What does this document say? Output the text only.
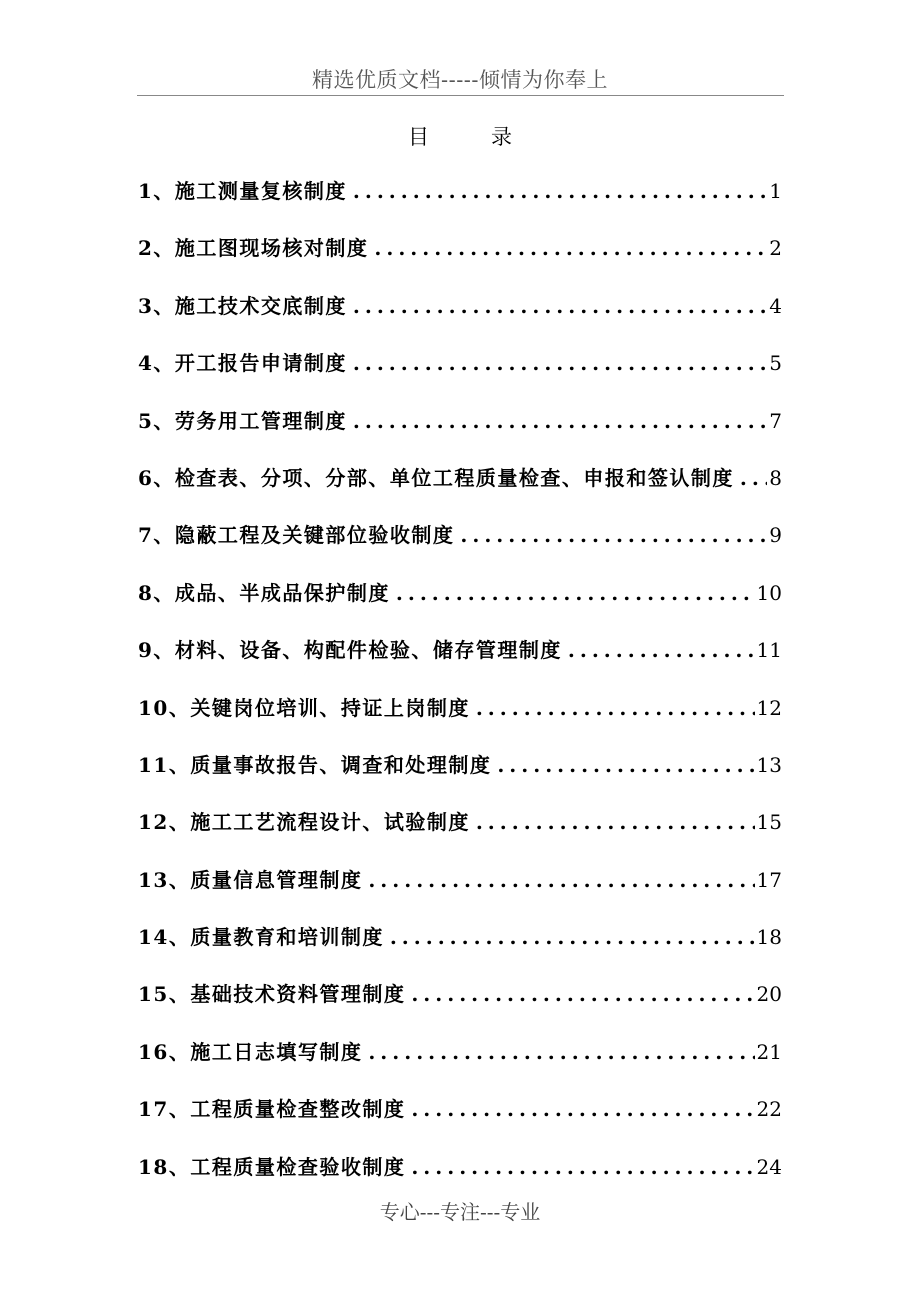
精选优质文档-----倾情为你奉上
目	录
1、施工测量复核制度 .....	1
2、施工图现场核对制度 .....	2
3、施工技术交底制度 .....	4
4、开工报告申请制度 .....	5
5、劳务用工管理制度 .....	7
6、检查表、分项、分部、单位工程质量检查、申报和签认制度 ..... 8
7、隐蔽工程及关键部位验收制度 .....	9
8、成品、半成品保护制度 .....	10
9、材料、设备、构配件检验、储存管理制度 .....	11
10、关键岗位培训、持证上岗制度 .....	12
11、质量事故报告、调查和处理制度 .....	13
12、施工工艺流程设计、试验制度 .....	15
13、质量信息管理制度 .....	17
14、质量教育和培训制度 .....	18
15、基础技术资料管理制度 .....	20
16、施工日志填写制度 .....	21
17、工程质量检查整改制度 .....	22
18、工程质量检查验收制度 .....	24
专心---专注---专业
